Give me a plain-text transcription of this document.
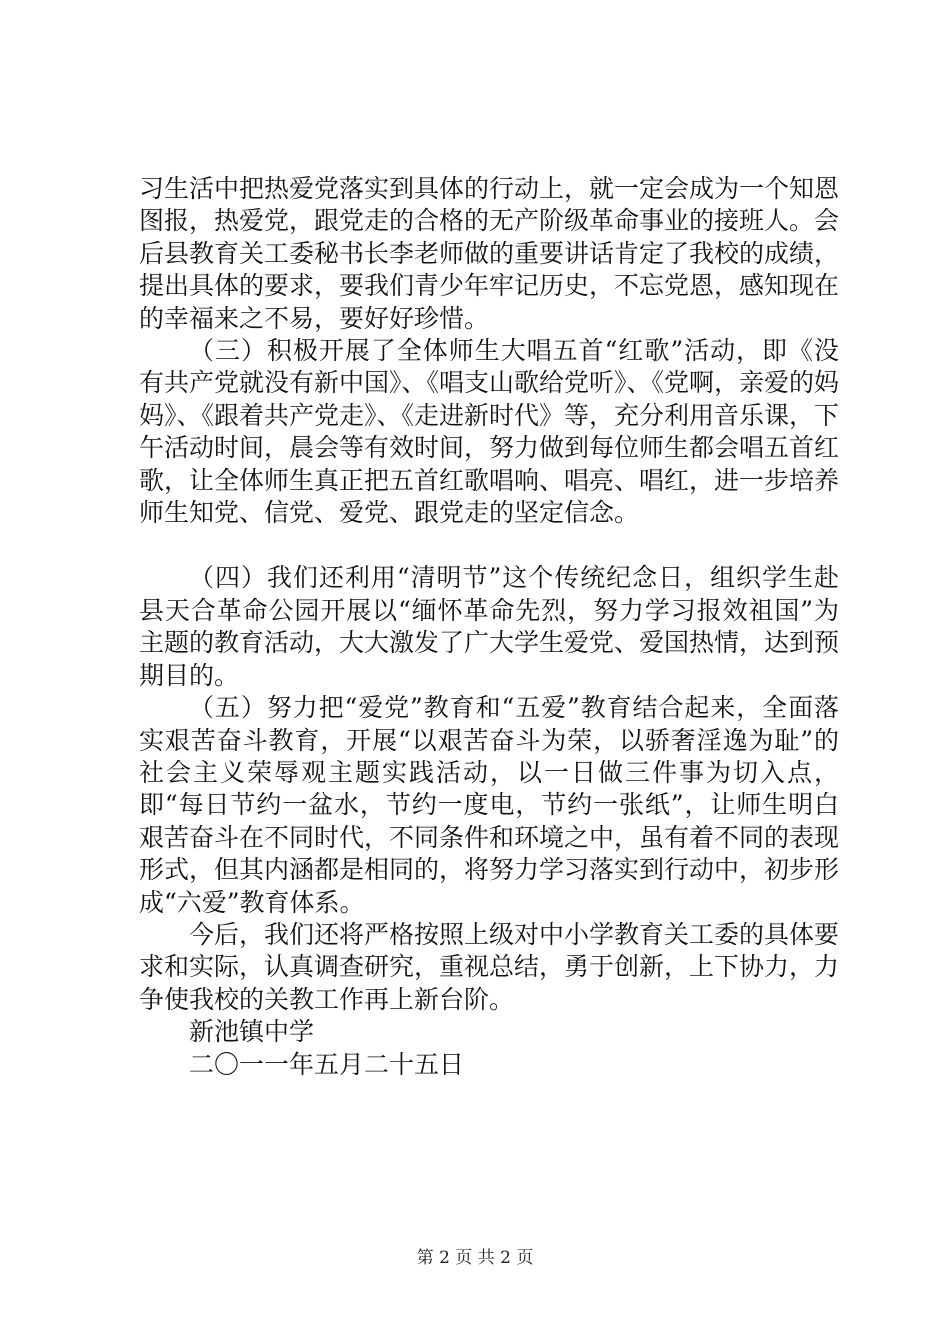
习生活中把热爱党落实到具体的行动上，就一定会成为一个知恩图报，热爱党，跟党走的合格的无产阶级革命事业的接班人。会后县教育关工委秘书长李老师做的重要讲话肯定了我校的成绩，提出具体的要求，要我们青少年牢记历史，不忘党恩，感知现在的幸福来之不易，要好好珍惜。

（三）积极开展了全体师生大唱五首“红歌”活动，即《没有共产党就没有新中国》、《唱支山歌给党听》、《党啊，亲爱的妈妈》、《跟着共产党走》、《走进新时代》等，充分利用音乐课，下午活动时间，晨会等有效时间，努力做到每位师生都会唱五首红歌，让全体师生真正把五首红歌唱响、唱亮、唱红，进一步培养师生知党、信党、爱党、跟党走的坚定信念。

（四）我们还利用“清明节”这个传统纪念日，组织学生赴县天合革命公园开展以“缅怀革命先烈，努力学习报效祖国”为主题的教育活动，大大激发了广大学生爱党、爱国热情，达到预期目的。

（五）努力把“爱党”教育和“五爱”教育结合起来，全面落实艰苦奋斗教育，开展“以艰苦奋斗为荣，以骄奢淫逸为耻”的社会主义荣辱观主题实践活动，以一日做三件事为切入点，即“每日节约一盆水，节约一度电，节约一张纸”，让师生明白艰苦奋斗在不同时代，不同条件和环境之中，虽有着不同的表现形式，但其内涵都是相同的，将努力学习落实到行动中，初步形成“六爱”教育体系。

今后，我们还将严格按照上级对中小学教育关工委的具体要求和实际，认真调查研究，重视总结，勇于创新，上下协力，力争使我校的关教工作再上新台阶。

新池镇中学

二〇一一年五月二十五日

第 2 页 共 2 页
